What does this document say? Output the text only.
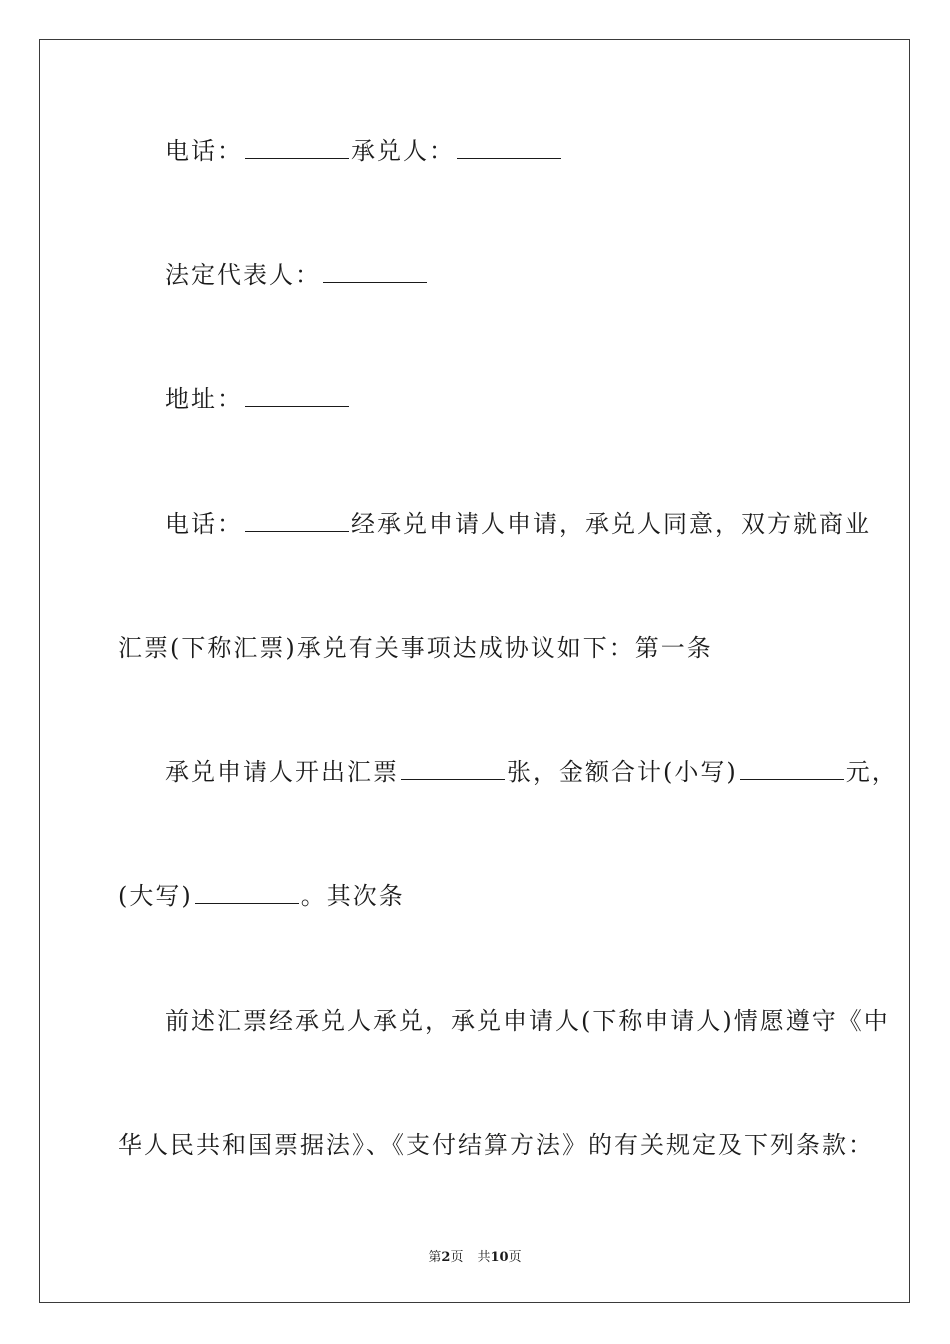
电话：	承兑人：
法定代表人：
地址：
电话：	经承兑申请人申请，承兑人同意，双方就商业
汇票(下称汇票)承兑有关事项达成协议如下：第一条
承兑申请人开出汇票	张，金额合计(小写)	元，
(大写)	。其次条
前述汇票经承兑人承兑，承兑申请人(下称申请人)情愿遵守《中
华人民共和国票据法》、《支付结算方法》的有关规定及下列条款：
第2页 共10页
